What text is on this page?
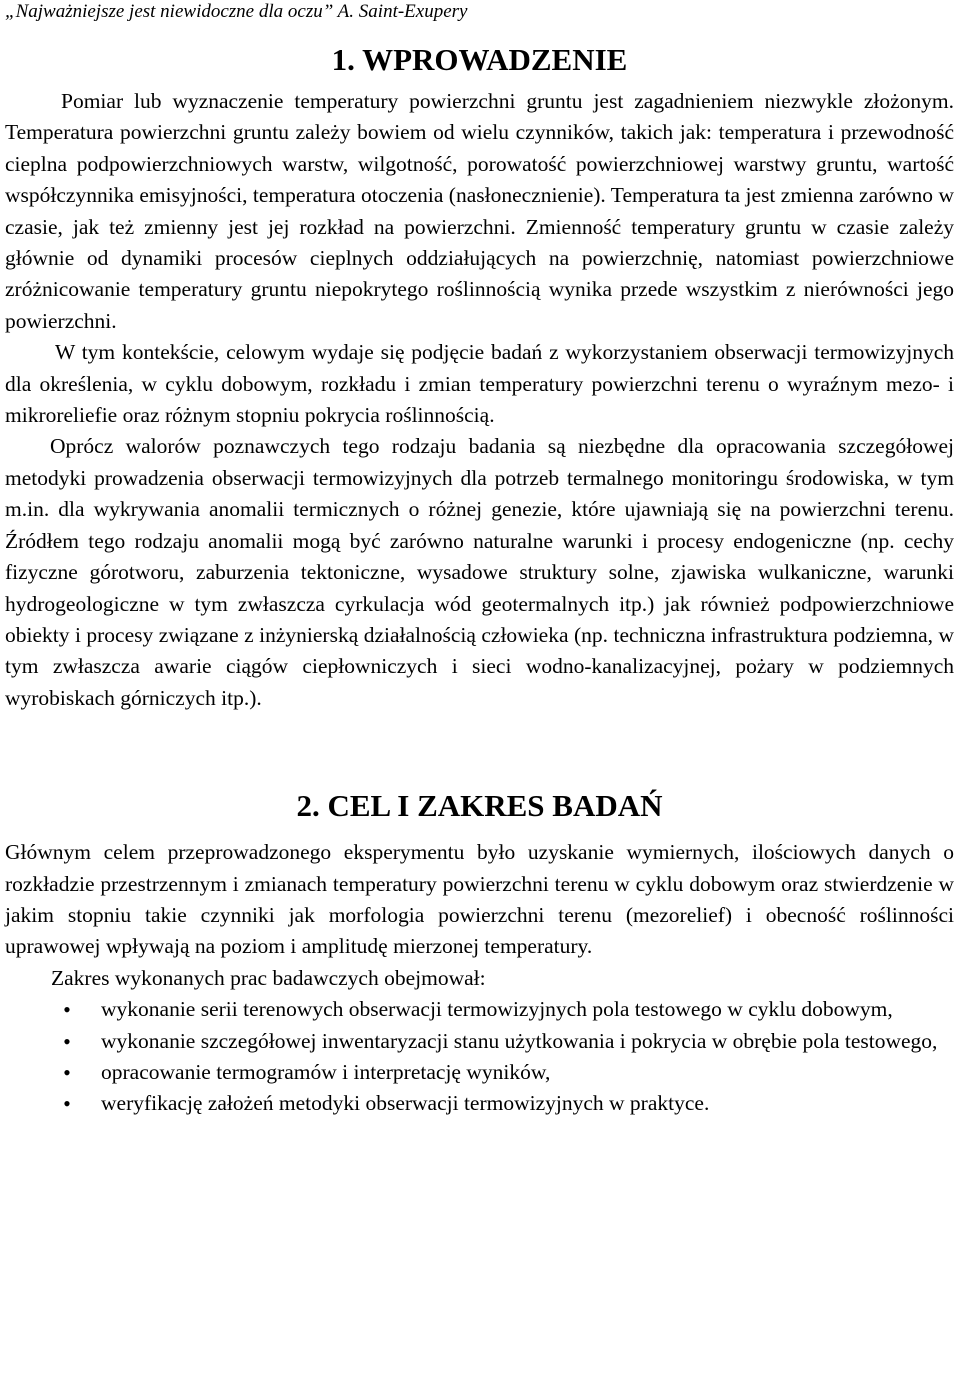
„Najważniejsze jest niewidoczne dla oczu” A. Saint-Exupery

1. WPROWADZENIE

Pomiar lub wyznaczenie temperatury powierzchni gruntu jest zagadnieniem niezwykle złożonym. Temperatura powierzchni gruntu zależy bowiem od wielu czynników, takich jak: temperatura i przewodność cieplna podpowierzchniowych warstw, wilgotność, porowatość powierzchniowej warstwy gruntu, wartość współczynnika emisyjności, temperatura otoczenia (nasłonecznienie). Temperatura ta jest zmienna zarówno w czasie, jak też zmienny jest jej rozkład na powierzchni. Zmienność temperatury gruntu w czasie zależy głównie od dynamiki procesów cieplnych oddziałujących na powierzchnię, natomiast powierzchniowe zróżnicowanie temperatury gruntu niepokrytego roślinnością wynika przede wszystkim z nierówności jego powierzchni.

W tym kontekście, celowym wydaje się podjęcie badań z wykorzystaniem obserwacji termowizyjnych dla określenia, w cyklu dobowym, rozkładu i zmian temperatury powierzchni terenu o wyraźnym mezo- i mikroreliefie oraz różnym stopniu pokrycia roślinnością.

Oprócz walorów poznawczych tego rodzaju badania są niezbędne dla opracowania szczegółowej metodyki prowadzenia obserwacji termowizyjnych dla potrzeb termalnego monitoringu środowiska, w tym m.in. dla wykrywania anomalii termicznych o różnej genezie, które ujawniają się na powierzchni terenu. Źródłem tego rodzaju anomalii mogą być zarówno naturalne warunki i procesy endogeniczne (np. cechy fizyczne górotworu, zaburzenia tektoniczne, wysadowe struktury solne, zjawiska wulkaniczne, warunki hydrogeologiczne w tym zwłaszcza cyrkulacja wód geotermalnych itp.) jak również podpowierzchniowe obiekty i procesy związane z inżynierską działalnością człowieka (np. techniczna infrastruktura podziemna, w tym zwłaszcza awarie ciągów ciepłowniczych i sieci wodno-kanalizacyjnej, pożary w podziemnych wyrobiskach górniczych itp.).

2. CEL I ZAKRES BADAŃ

Głównym celem przeprowadzonego eksperymentu było uzyskanie wymiernych, ilościowych danych o rozkładzie przestrzennym i zmianach temperatury powierzchni terenu w cyklu dobowym oraz stwierdzenie w jakim stopniu takie czynniki jak morfologia powierzchni terenu (mezorelief) i obecność roślinności uprawowej wpływają na poziom i amplitudę mierzonej temperatury.

Zakres wykonanych prac badawczych obejmował:

• wykonanie serii terenowych obserwacji termowizyjnych pola testowego w cyklu dobowym,
• wykonanie szczegółowej inwentaryzacji stanu użytkowania i pokrycia w obrębie pola testowego,
• opracowanie termogramów i interpretację wyników,
• weryfikację założeń metodyki obserwacji termowizyjnych w praktyce.
